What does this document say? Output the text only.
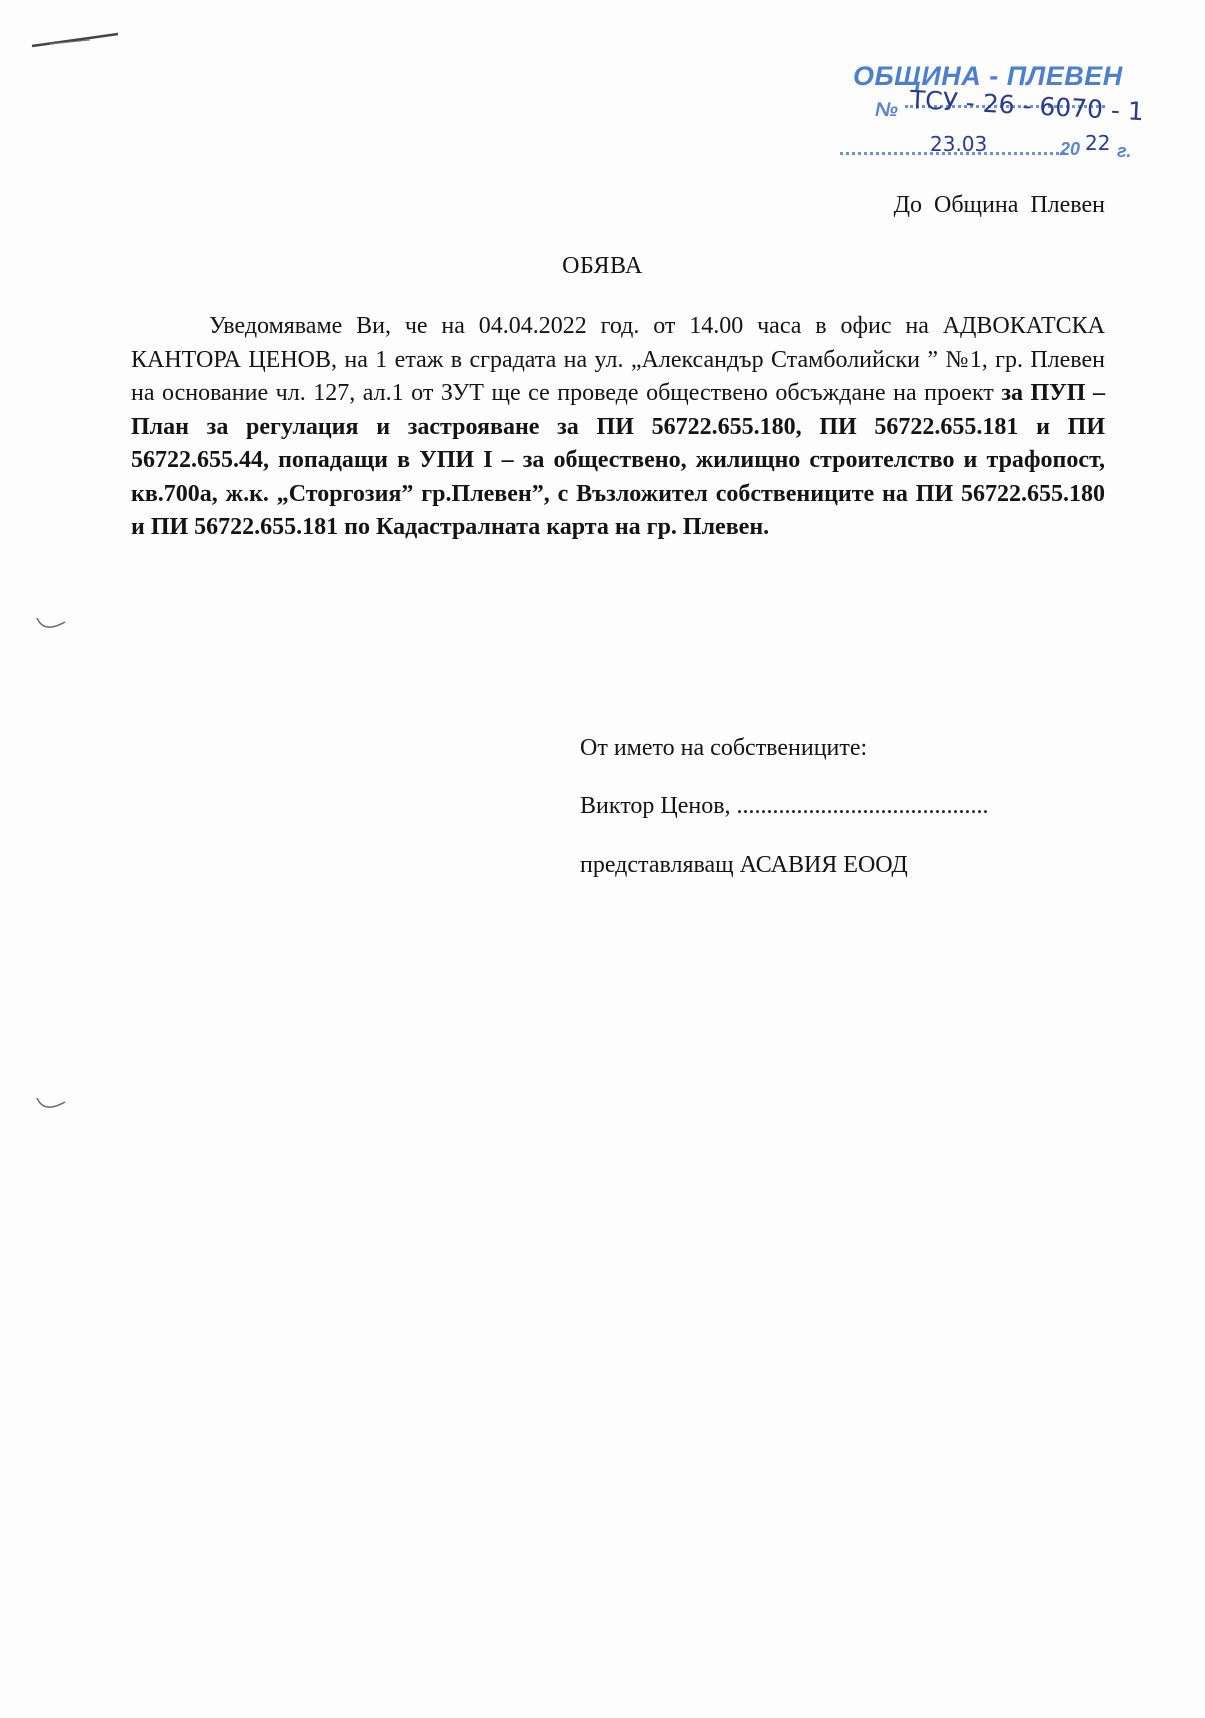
ОБЩИНА - ПЛЕВЕН
№ ТСУ - 26 - 6070 - 1
23.03	20 22 г.
До Община Плевен
ОБЯВА

Уведомяваме Ви, че на 04.04.2022 год. от 14.00 часа в офис на АДВОКАТСКА КАНТОРА ЦЕНОВ, на 1 етаж в сградата на ул. „Александър Стамболийски ” №1, гр. Плевен на основание чл. 127, ал.1 от ЗУТ ще се проведе обществено обсъждане на проект за ПУП – План за регулация и застрояване за ПИ 56722.655.180, ПИ 56722.655.181 и ПИ 56722.655.44, попадащи в УПИ I – за обществено, жилищно строителство и трафопост, кв.700а, ж.к. „Сторгозия” гр.Плевен”, с Възложител собствениците на ПИ 56722.655.180 и ПИ 56722.655.181 по Кадастралната карта на гр. Плевен.

От името на собствениците:
Виктор Ценов, ..........................................
представляващ АСАВИЯ ЕООД
